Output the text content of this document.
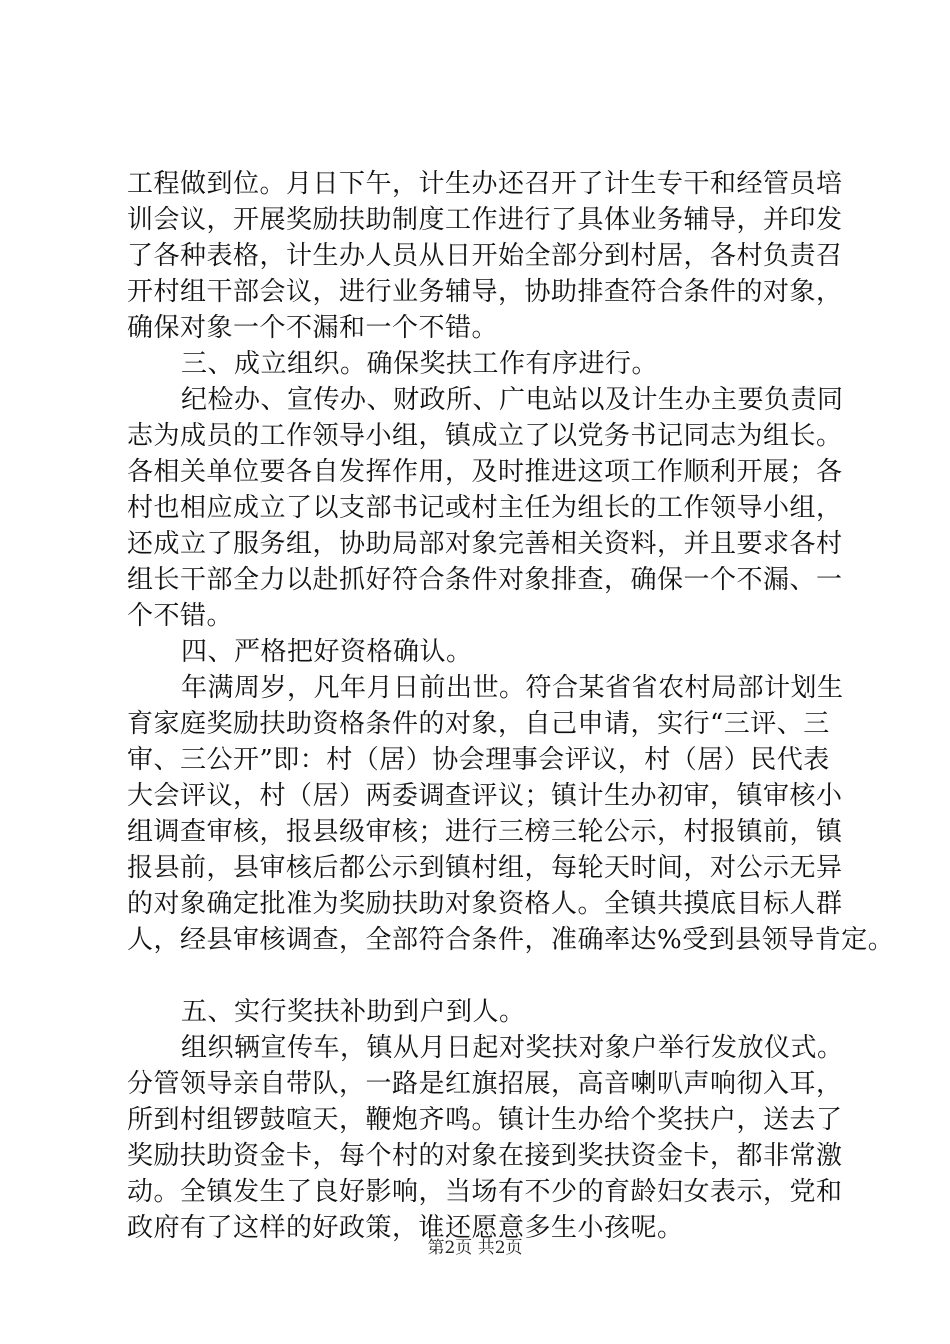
工程做到位。月日下午，计生办还召开了计生专干和经管员培
训会议，开展奖励扶助制度工作进行了具体业务辅导，并印发
了各种表格，计生办人员从日开始全部分到村居，各村负责召
开村组干部会议，进行业务辅导，协助排查符合条件的对象，
确保对象一个不漏和一个不错。
三、成立组织。确保奖扶工作有序进行。
纪检办、宣传办、财政所、广电站以及计生办主要负责同
志为成员的工作领导小组，镇成立了以党务书记同志为组长。
各相关单位要各自发挥作用，及时推进这项工作顺利开展；各
村也相应成立了以支部书记或村主任为组长的工作领导小组，
还成立了服务组，协助局部对象完善相关资料，并且要求各村
组长干部全力以赴抓好符合条件对象排查，确保一个不漏、一
个不错。
四、严格把好资格确认。
年满周岁，凡年月日前出世。符合某省省农村局部计划生
育家庭奖励扶助资格条件的对象，自己申请，实行“三评、三
审、三公开”即：村（居）协会理事会评议，村（居）民代表
大会评议，村（居）两委调查评议；镇计生办初审，镇审核小
组调查审核，报县级审核；进行三榜三轮公示，村报镇前，镇
报县前，县审核后都公示到镇村组，每轮天时间，对公示无异
的对象确定批准为奖励扶助对象资格人。全镇共摸底目标人群
人，经县审核调查，全部符合条件，准确率达%受到县领导肯定。
五、实行奖扶补助到户到人。
组织辆宣传车，镇从月日起对奖扶对象户举行发放仪式。
分管领导亲自带队，一路是红旗招展，高音喇叭声响彻入耳，
所到村组锣鼓喧天，鞭炮齐鸣。镇计生办给个奖扶户，送去了
奖励扶助资金卡，每个村的对象在接到奖扶资金卡，都非常激
动。全镇发生了良好影响，当场有不少的育龄妇女表示，党和
政府有了这样的好政策，谁还愿意多生小孩呢。
第2页 共2页
